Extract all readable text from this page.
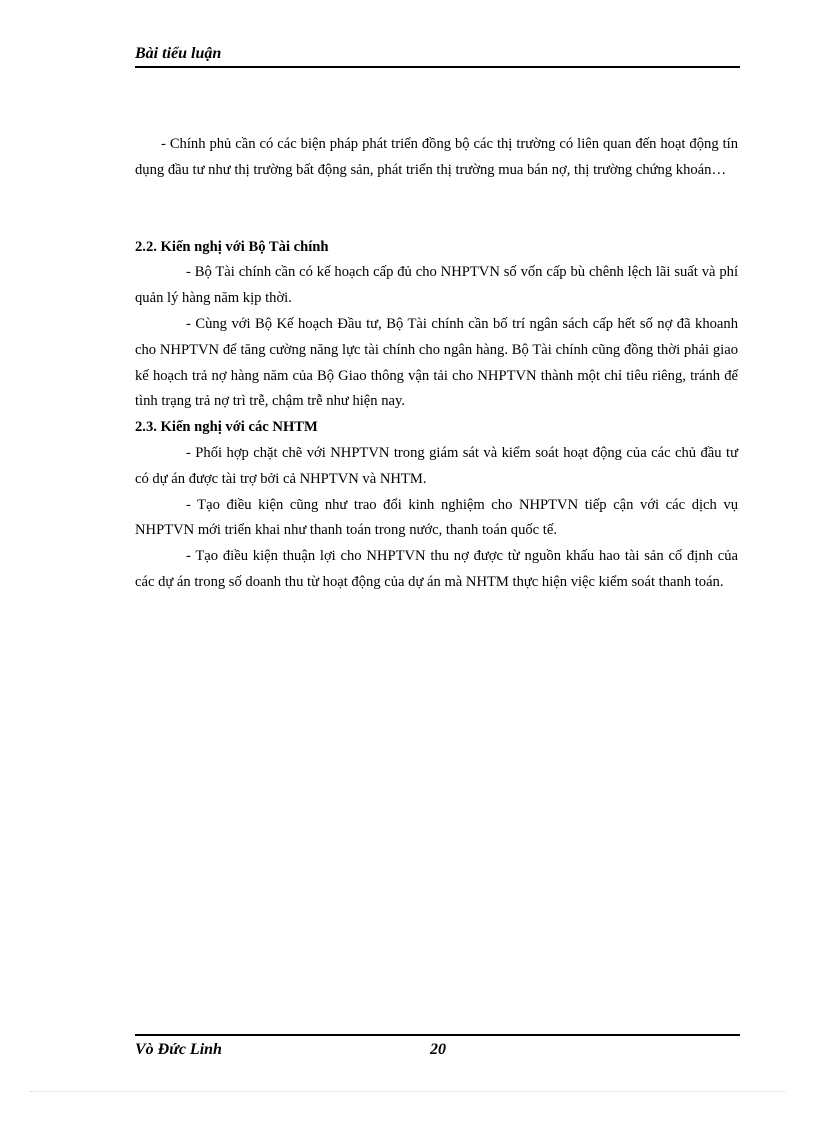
Bài tiểu luận

- Chính phủ cần có các biện pháp phát triển đồng bộ các thị trường có liên quan đến hoạt động tín dụng đầu tư như thị trường bất động sản, phát triển thị trường mua bán nợ, thị trường chứng khoán…

2.2. Kiến nghị với Bộ Tài chính

- Bộ Tài chính cần có kế hoạch cấp đủ cho NHPTVN số vốn cấp bù chênh lệch lãi suất và phí quản lý hàng năm kịp thời.

- Cùng với Bộ Kế hoạch Đầu tư, Bộ Tài chính cần bố trí ngân sách cấp hết số nợ đã khoanh cho NHPTVN để tăng cường năng lực tài chính cho ngân hàng. Bộ Tài chính cũng đồng thời phải giao kế hoạch trả nợ hàng năm của Bộ Giao thông vận tải cho NHPTVN thành một chỉ tiêu riêng, tránh để tình trạng trả nợ trì trễ, chậm trễ như hiện nay.

2.3. Kiến nghị với các NHTM

- Phối hợp chặt chẽ với NHPTVN trong giám sát và kiểm soát hoạt động của các chủ đầu tư có dự án được tài trợ bởi cả NHPTVN và NHTM.

- Tạo điều kiện cũng như trao đổi kinh nghiệm cho NHPTVN tiếp cận với các dịch vụ NHPTVN mới triển khai như thanh toán trong nước, thanh toán quốc tế.

- Tạo điều kiện thuận lợi cho NHPTVN thu nợ được từ nguồn khấu hao tài sản cố định của các dự án trong số doanh thu từ hoạt động của dự án mà NHTM thực hiện việc kiểm soát thanh toán.

Vò Đức Linh	20
